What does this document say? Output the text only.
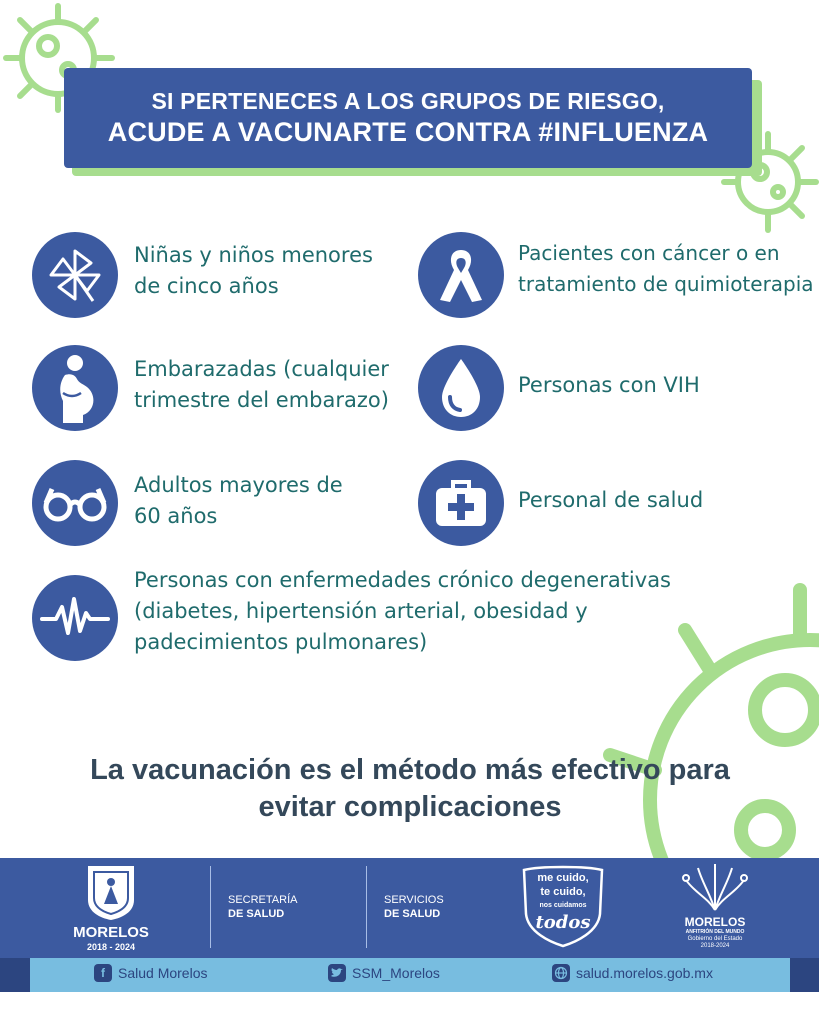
SI PERTENECES A LOS GRUPOS DE RIESGO,
ACUDE A VACUNARTE CONTRA #INFLUENZA
Niñas y niños menores
de cinco años
Pacientes con cáncer o en
tratamiento de quimioterapia
Embarazadas (cualquier
trimestre del embarazo)
Personas con VIH
Adultos mayores de
60 años
Personal de salud
Personas con enfermedades crónico degenerativas
(diabetes, hipertensión arterial, obesidad y
padecimientos pulmonares)
La vacunación es el método más efectivo para
evitar complicaciones
MORELOS
2018 - 2024
SECRETARÍA
DE SALUD
SERVICIOS
DE SALUD
me cuido,
te cuido,
nos cuidamos
todos	MORELOS
ANFITRIÓN DEL MUNDO
Gobierno del Estado
2018-2024
f Salud Morelos	SSM_Morelos	salud.morelos.gob.mx
